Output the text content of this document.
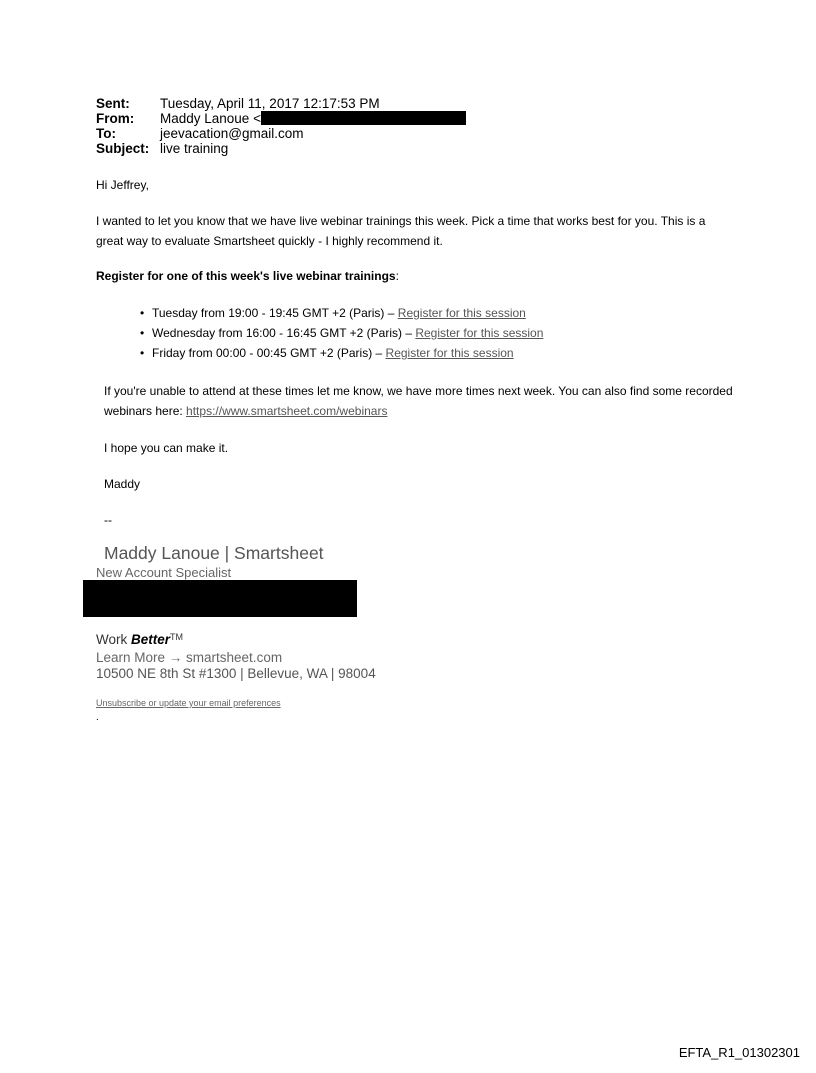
Sent:	Tuesday, April 11, 2017 12:17:53 PM
From:	Maddy Lanoue <
To:	jeevacation@gmail.com
Subject: live training
Hi Jeffrey,
I wanted to let you know that we have live webinar trainings this week. Pick a time that works best for you. This is a great way to evaluate Smartsheet quickly - I highly recommend it.
Register for one of this week's live webinar trainings:
• Tuesday from 19:00 - 19:45 GMT +2 (Paris) – Register for this session
• Wednesday from 16:00 - 16:45 GMT +2 (Paris) – Register for this session
• Friday from 00:00 - 00:45 GMT +2 (Paris) – Register for this session
If you're unable to attend at these times let me know, we have more times next week. You can also find some recorded webinars here: https://www.smartsheet.com/webinars
I hope you can make it.
Maddy
--
Maddy Lanoue | Smartsheet
New Account Specialist
Work Better™
Learn More → smartsheet.com
10500 NE 8th St #1300 | Bellevue, WA | 98004
Unsubscribe or update your email preferences
.
EFTA_R1_01302301
